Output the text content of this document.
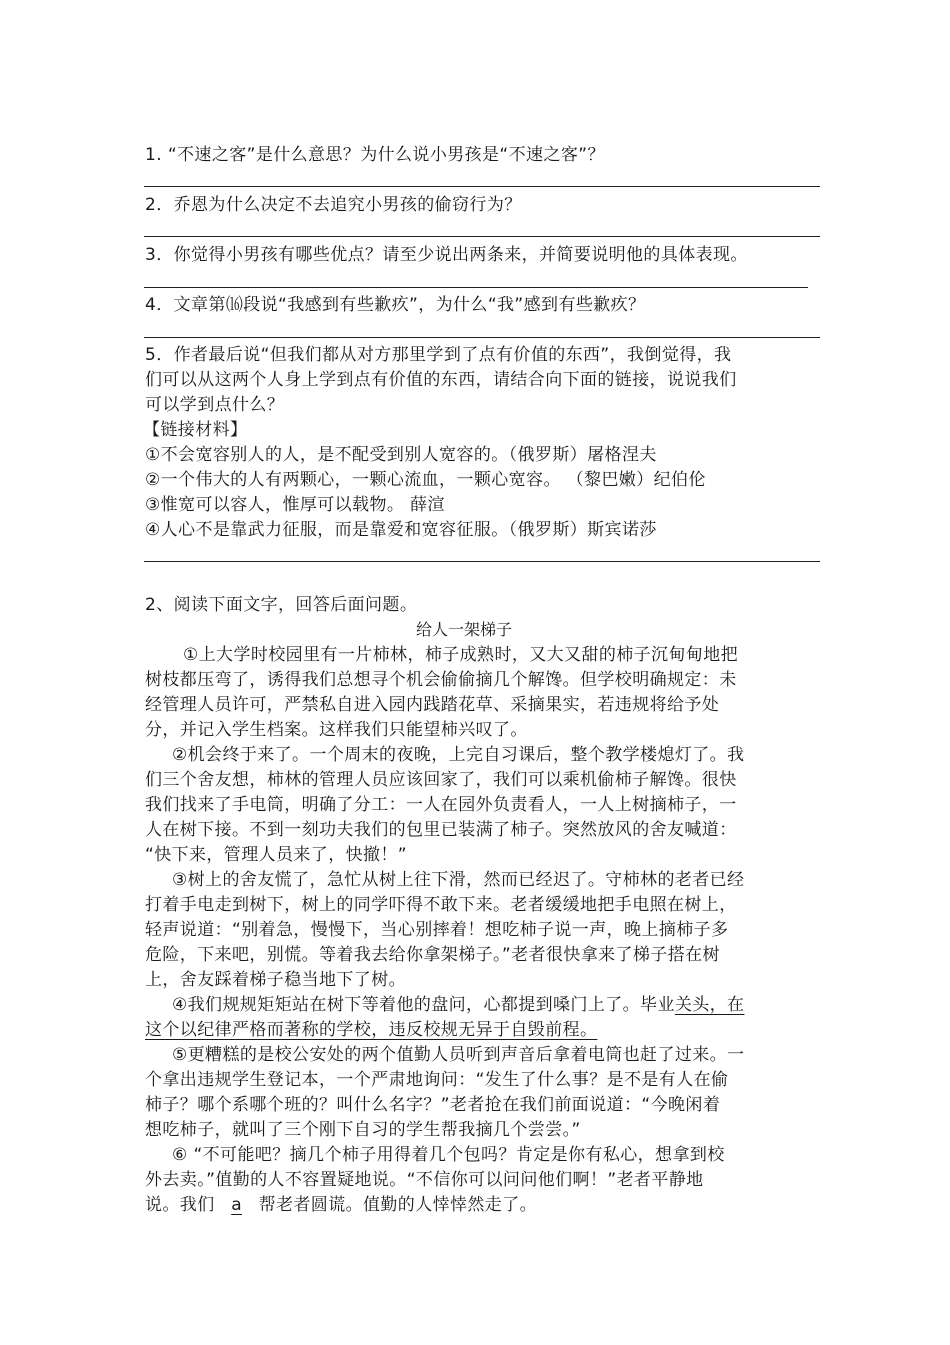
1. “不速之客”是什么意思？为什么说小男孩是“不速之客”？
2．乔恩为什么决定不去追究小男孩的偷窃行为？
3．你觉得小男孩有哪些优点？请至少说出两条来，并简要说明他的具体表现。
4．文章第⒃段说“我感到有些歉疚”，为什么“我”感到有些歉疚？
5．作者最后说“但我们都从对方那里学到了点有价值的东西”，我倒觉得，我
们可以从这两个人身上学到点有价值的东西，请结合向下面的链接，说说我们
可以学到点什么？
【链接材料】
①不会宽容别人的人，是不配受到别人宽容的。（俄罗斯）屠格涅夫
②一个伟大的人有两颗心，一颗心流血，一颗心宽容。 （黎巴嫩）纪伯伦
③惟宽可以容人，惟厚可以载物。 薛渲
④人心不是靠武力征服，而是靠爱和宽容征服。（俄罗斯）斯宾诺莎
2、阅读下面文字，回答后面问题。
给人一架梯子
①上大学时校园里有一片柿林，柿子成熟时，又大又甜的柿子沉甸甸地把
树枝都压弯了，诱得我们总想寻个机会偷偷摘几个解馋。但学校明确规定：未
经管理人员许可，严禁私自进入园内践踏花草、采摘果实，若违规将给予处
分，并记入学生档案。这样我们只能望柿兴叹了。
②机会终于来了。一个周末的夜晚，上完自习课后，整个教学楼熄灯了。我
们三个舍友想，柿林的管理人员应该回家了，我们可以乘机偷柿子解馋。很快
我们找来了手电筒，明确了分工：一人在园外负责看人，一人上树摘柿子，一
人在树下接。不到一刻功夫我们的包里已装满了柿子。突然放风的舍友喊道：
“快下来，管理人员来了，快撤！”
③树上的舍友慌了，急忙从树上往下滑，然而已经迟了。守柿林的老者已经
打着手电走到树下，树上的同学吓得不敢下来。老者缓缓地把手电照在树上，
轻声说道：“别着急，慢慢下，当心别摔着！想吃柿子说一声，晚上摘柿子多
危险，下来吧，别慌。等着我去给你拿架梯子。”老者很快拿来了梯子搭在树
上，舍友踩着梯子稳当地下了树。
④我们规规矩矩站在树下等着他的盘问，心都提到嗓门上了。毕业关头，在
这个以纪律严格而著称的学校，违反校规无异于自毁前程。
⑤更糟糕的是校公安处的两个值勤人员听到声音后拿着电筒也赶了过来。一
个拿出违规学生登记本，一个严肃地询问：“发生了什么事？是不是有人在偷
柿子？哪个系哪个班的？叫什么名字？”老者抢在我们前面说道：“今晚闲着
想吃柿子，就叫了三个刚下自习的学生帮我摘几个尝尝。”
⑥ “不可能吧？摘几个柿子用得着几个包吗？肯定是你有私心，想拿到校
外去卖。”值勤的人不容置疑地说。“不信你可以问问他们啊！”老者平静地
说。我们 a 帮老者圆谎。值勤的人悻悻然走了。
